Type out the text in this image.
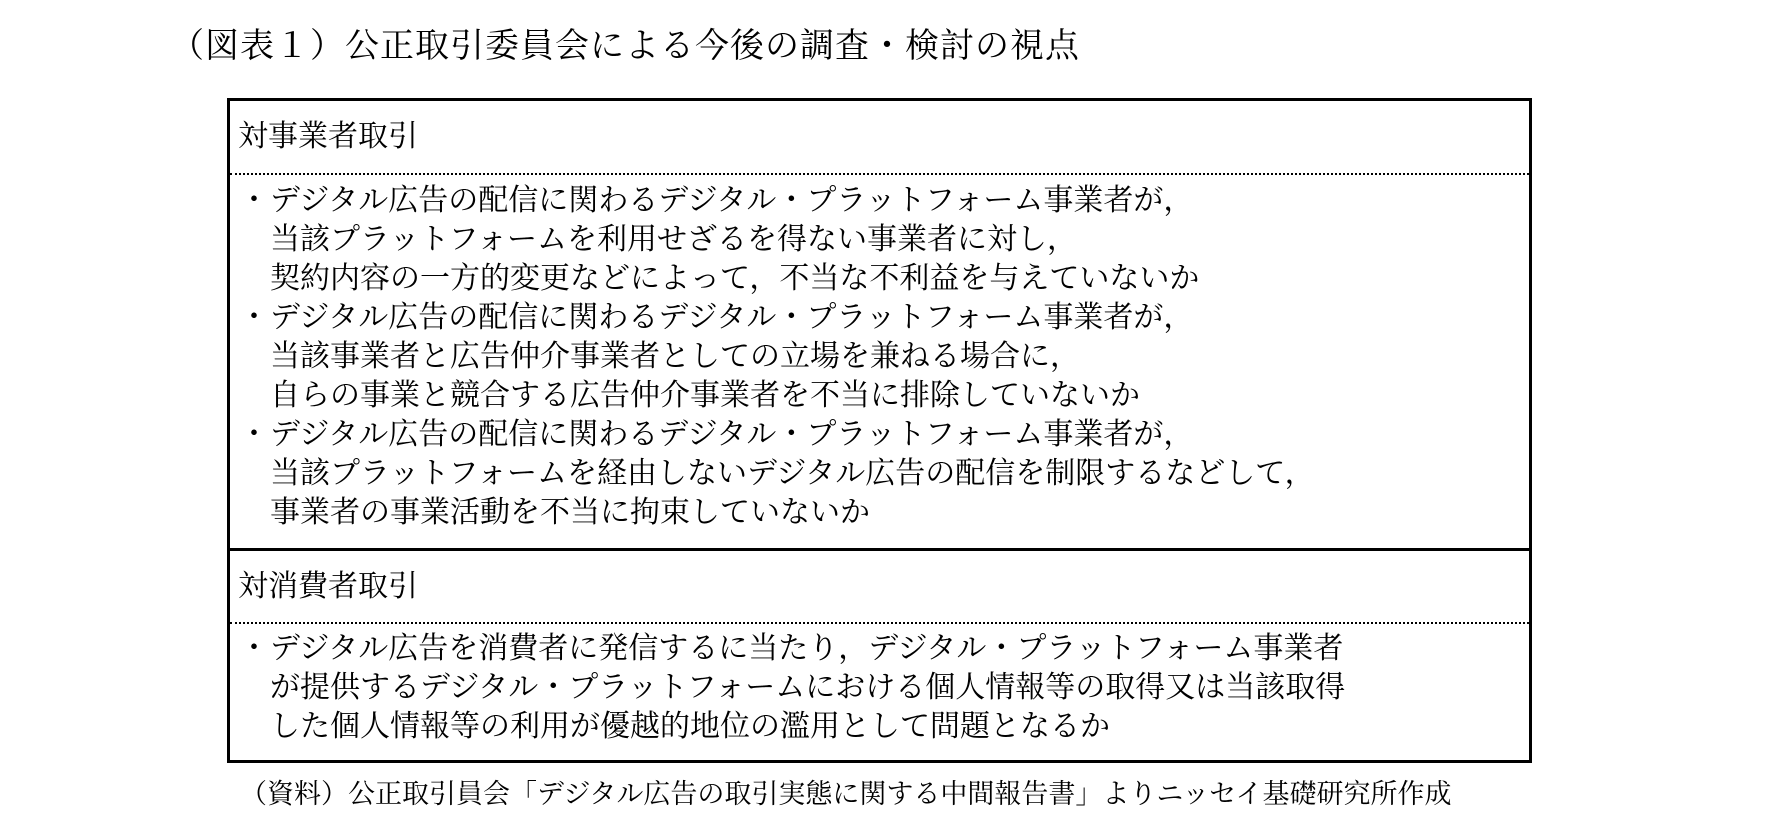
（図表１）公正取引委員会による今後の調査・検討の視点
対事業者取引
・ デジタル広告の配信に関わるデジタル・プラットフォーム事業者が，
当該プラットフォームを利用せざるを得ない事業者に対し，
契約内容の一方的変更などによって，不当な不利益を与えていないか
・ デジタル広告の配信に関わるデジタル・プラットフォーム事業者が，
当該事業者と広告仲介事業者としての立場を兼ねる場合に，
自らの事業と競合する広告仲介事業者を不当に排除していないか
・ デジタル広告の配信に関わるデジタル・プラットフォーム事業者が，
当該プラットフォームを経由しないデジタル広告の配信を制限するなどして，
事業者の事業活動を不当に拘束していないか
対消費者取引
・ デジタル広告を消費者に発信するに当たり，デジタル・プラットフォーム事業者
が提供するデジタル・プラットフォームにおける個人情報等の取得又は当該取得
した個人情報等の利用が優越的地位の濫用として問題となるか
（資料）公正取引員会「デジタル広告の取引実態に関する中間報告書」よりニッセイ基礎研究所作成
